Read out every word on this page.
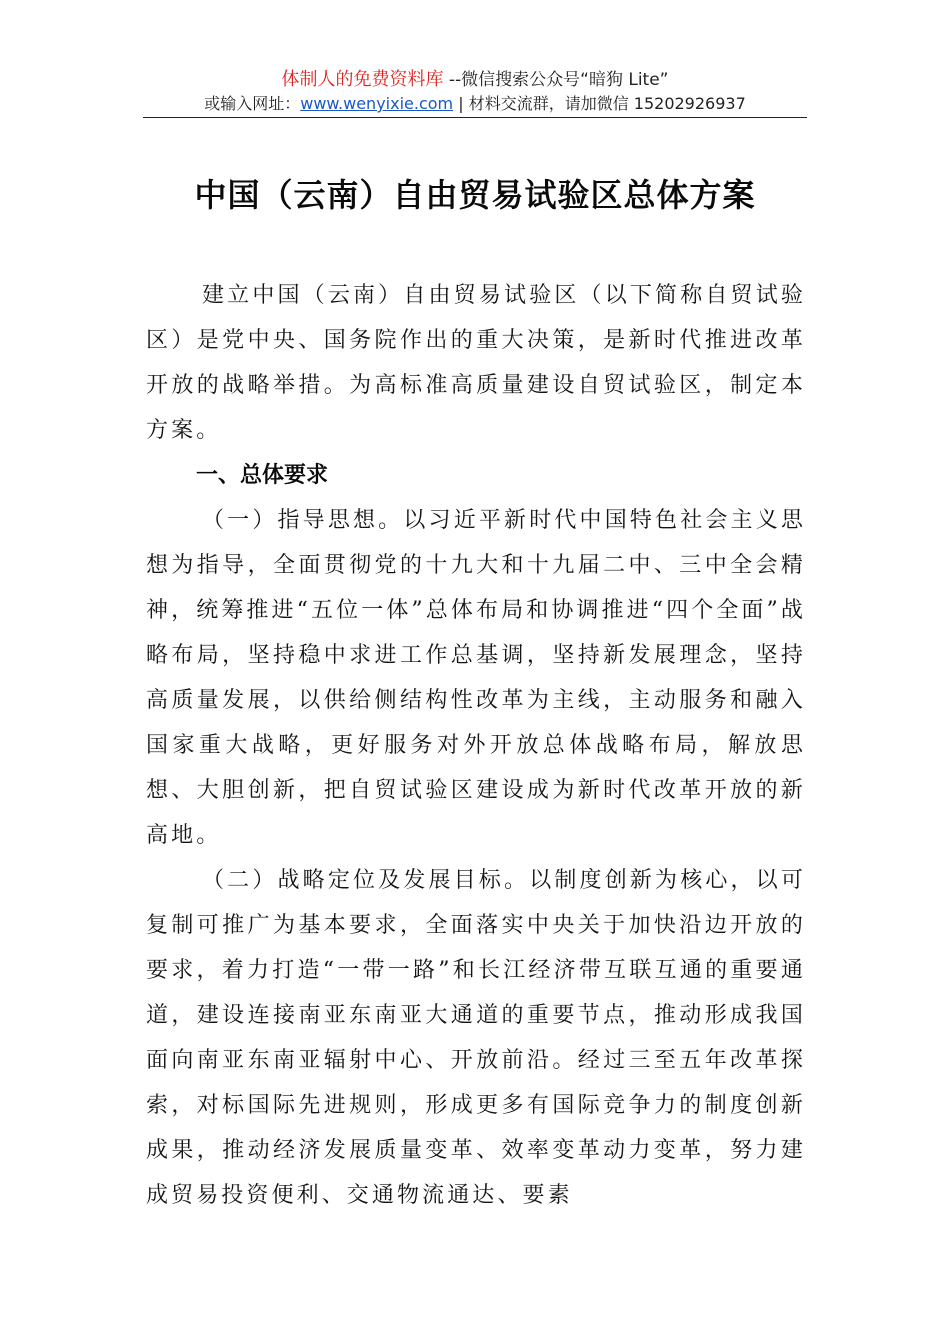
体制人的免费资料库 --微信搜索公众号“暗狗 Lite”
或输入网址：www.wenyixie.com | 材料交流群，请加微信 15202926937
中国（云南）自由贸易试验区总体方案

建立中国（云南）自由贸易试验区（以下简称自贸试验区）是党中央、国务院作出的重大决策，是新时代推进改革开放的战略举措。为高标准高质量建设自贸试验区，制定本方案。

一、总体要求

（一）指导思想。以习近平新时代中国特色社会主义思想为指导，全面贯彻党的十九大和十九届二中、三中全会精神，统筹推进“五位一体”总体布局和协调推进“四个全面”战略布局，坚持稳中求进工作总基调，坚持新发展理念，坚持高质量发展，以供给侧结构性改革为主线，主动服务和融入国家重大战略，更好服务对外开放总体战略布局，解放思想、大胆创新，把自贸试验区建设成为新时代改革开放的新高地。

（二）战略定位及发展目标。以制度创新为核心，以可复制可推广为基本要求，全面落实中央关于加快沿边开放的要求，着力打造“一带一路”和长江经济带互联互通的重要通道，建设连接南亚东南亚大通道的重要节点，推动形成我国面向南亚东南亚辐射中心、开放前沿。经过三至五年改革探索，对标国际先进规则，形成更多有国际竞争力的制度创新成果，推动经济发展质量变革、效率变革动力变革，努力建成贸易投资便利、交通物流通达、要素
